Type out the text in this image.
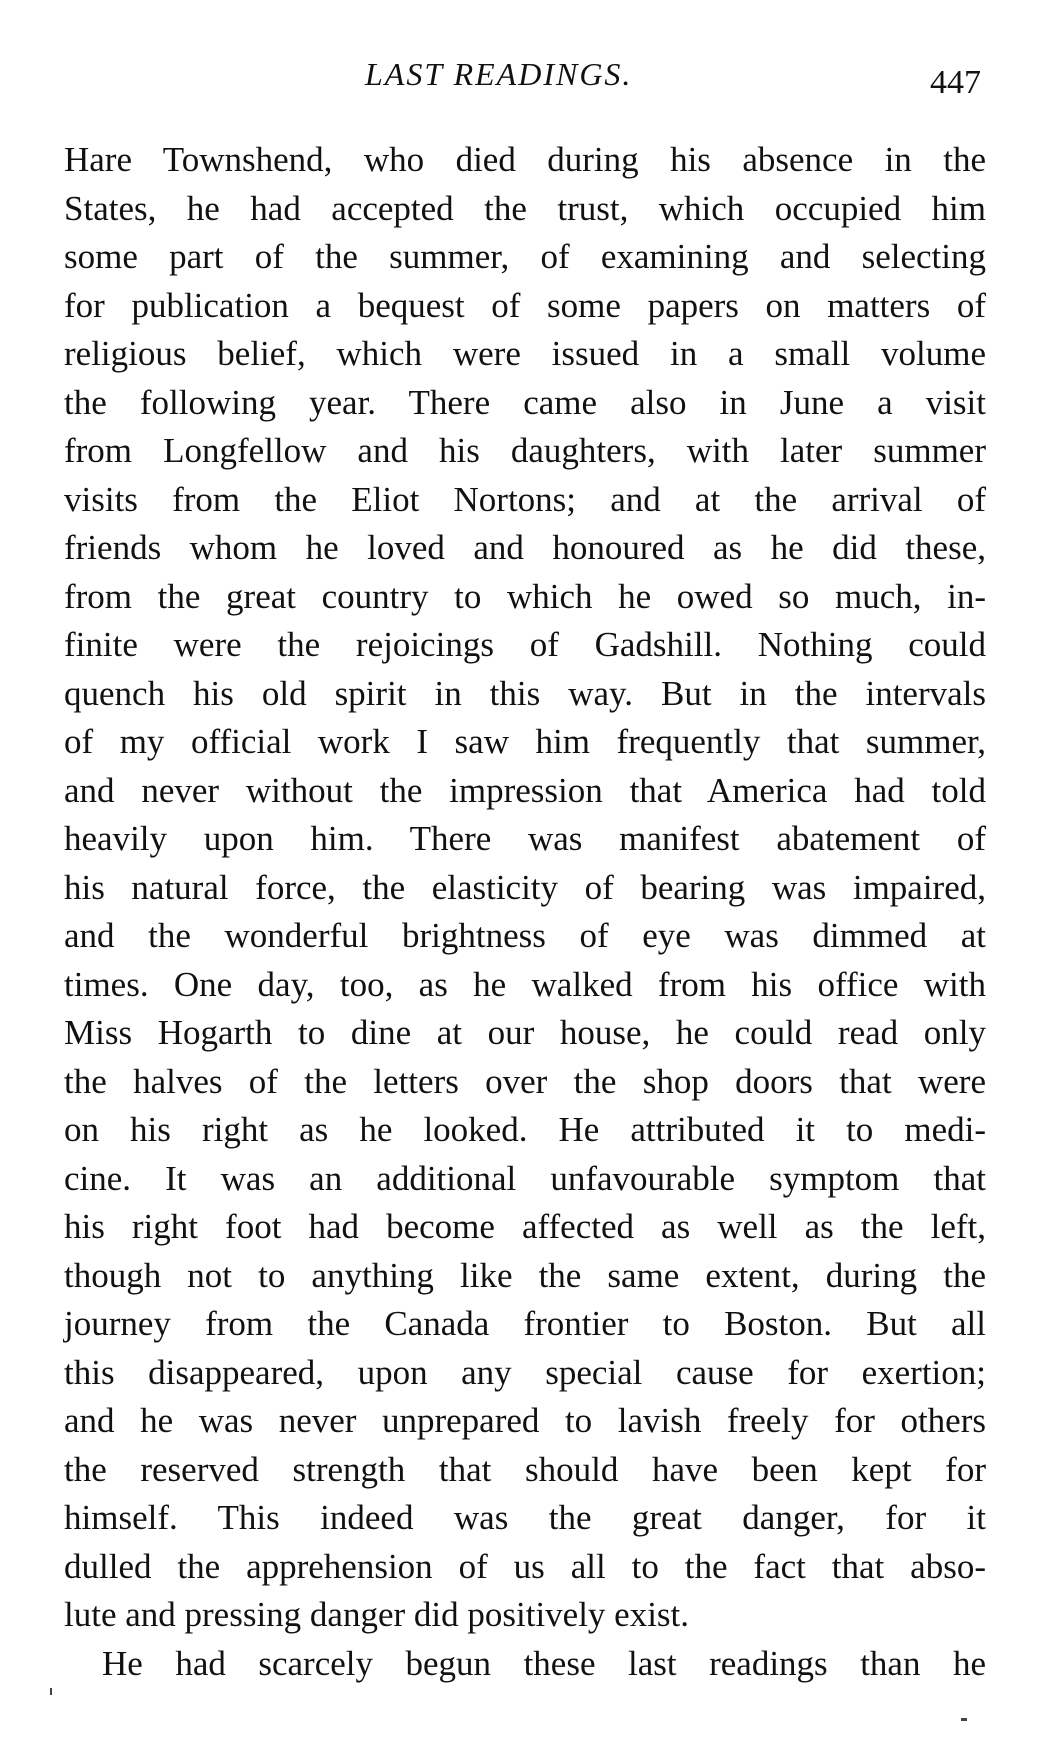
LAST READINGS.	447
Hare Townshend, who died during his absence in the
States, he had accepted the trust, which occupied him
some part of the summer, of examining and selecting
for publication a bequest of some papers on matters of
religious belief, which were issued in a small volume
the following year. There came also in June a visit
from Longfellow and his daughters, with later summer
visits from the Eliot Nortons; and at the arrival of
friends whom he loved and honoured as he did these,
from the great country to which he owed so much, in-
finite were the rejoicings of Gadshill. Nothing could
quench his old spirit in this way. But in the intervals
of my official work I saw him frequently that summer,
and never without the impression that America had told
heavily upon him. There was manifest abatement of
his natural force, the elasticity of bearing was impaired,
and the wonderful brightness of eye was dimmed at
times. One day, too, as he walked from his office with
Miss Hogarth to dine at our house, he could read only
the halves of the letters over the shop doors that were
on his right as he looked. He attributed it to medi-
cine. It was an additional unfavourable symptom that
his right foot had become affected as well as the left,
though not to anything like the same extent, during the
journey from the Canada frontier to Boston. But all
this disappeared, upon any special cause for exertion;
and he was never unprepared to lavish freely for others
the reserved strength that should have been kept for
himself. This indeed was the great danger, for it
dulled the apprehension of us all to the fact that abso-
lute and pressing danger did positively exist.
He had scarcely begun these last readings than he
